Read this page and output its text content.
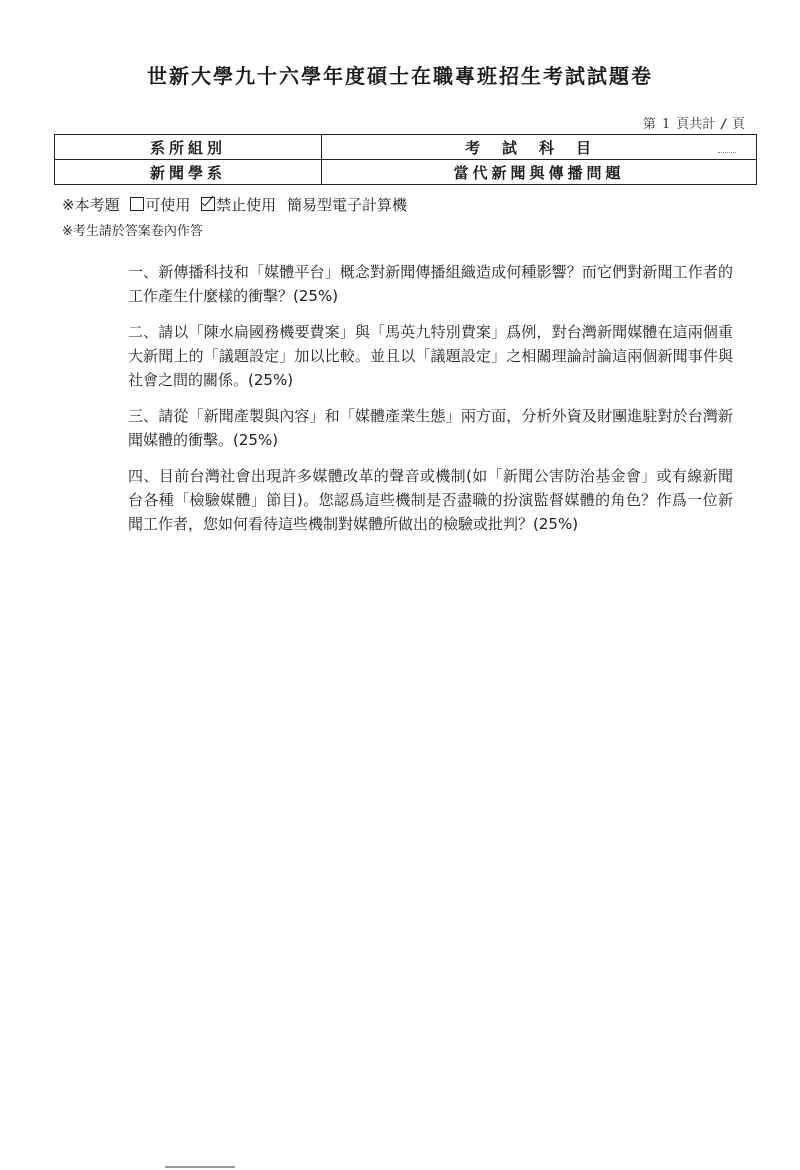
世新大學九十六學年度碩士在職專班招生考試試題卷
第 1 頁共計 / 頁
系所組別	考試科目
新聞學系	當代新聞與傳播問題
※本考題 可使用 禁止使用 簡易型電子計算機
※考生請於答案卷內作答

一、新傳播科技和「媒體平台」概念對新聞傳播組織造成何種影響？而它們對新聞工作者的工作產生什麼樣的衝擊？(25%)

二、請以「陳水扁國務機要費案」與「馬英九特別費案」爲例，對台灣新聞媒體在這兩個重大新聞上的「議題設定」加以比較。並且以「議題設定」之相關理論討論這兩個新聞事件與社會之間的關係。(25%)

三、請從「新聞產製與內容」和「媒體產業生態」兩方面，分析外資及財團進駐對於台灣新聞媒體的衝擊。(25%)

四、目前台灣社會出現許多媒體改革的聲音或機制(如「新聞公害防治基金會」或有線新聞台各種「檢驗媒體」節目)。您認爲這些機制是否盡職的扮演監督媒體的角色？作爲一位新聞工作者，您如何看待這些機制對媒體所做出的檢驗或批判？(25%)
